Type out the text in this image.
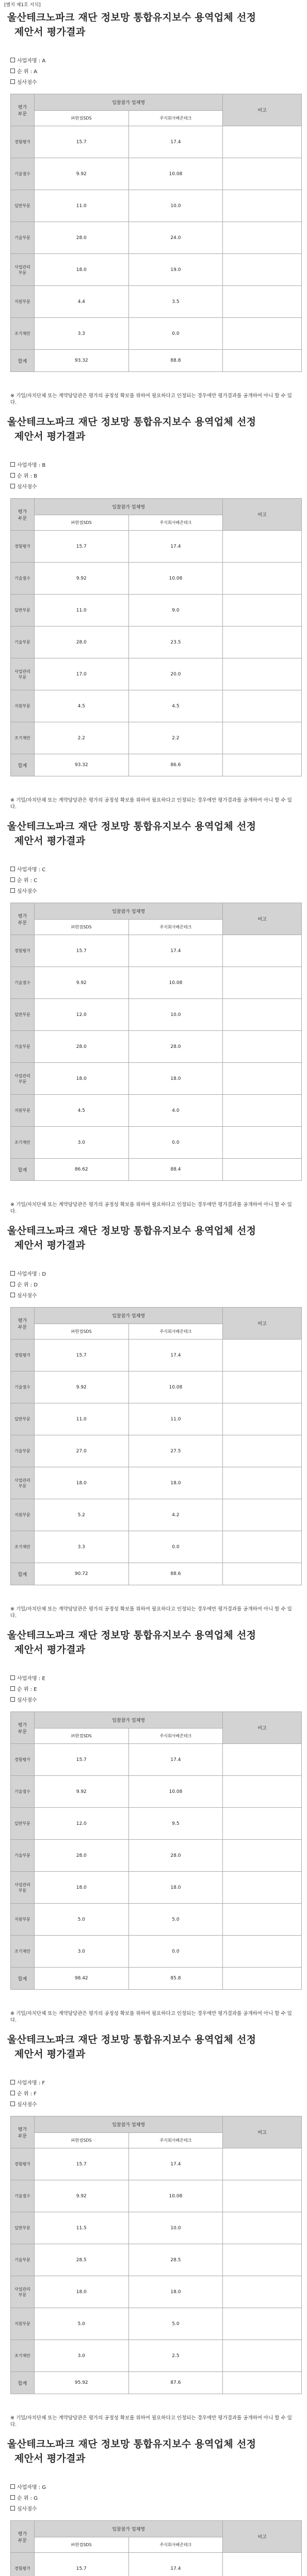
[별지 제1호 서식]
울산테크노파크 재단 정보망 통합유지보수 용역업체 선정

제안서 평가결과
사업자명 : A
순 위 : A
심사점수
평가
부문	입찰참가 업체명		비고
	㈜한컴SDS	주식회사베존테크	
경험평가	15.7	17.4	
기술점수	9.92	10.08	
일반부문	11.0	10.0	
기술부문	28.0	24.0	
사업관리
부문	18.0	19.0	
지원부문	4.4	3.5	
조기제안	3.3	0.0	
합계	93.32	88.8	
※ 기밀/자치단체 또는 계약담당관은 평가의 공정성 확보를 위하여 필요하다고 인정되는 경우에만 평가결과를 공개하여 아니 할 수 있다.
울산테크노파크 재단 정보망 통합유지보수 용역업체 선정

제안서 평가결과
사업자명 : B
순 위 : B
심사점수
평가
부문	입찰참가 업체명		비고
	㈜한컴SDS	주식회사베존테크	
경험평가	15.7	17.4	
기술점수	9.92	10.08	
일반부문	11.0	9.0	
기술부문	28.0	23.5	
사업관리
부문	17.0	20.0	
지원부문	4.5	4.5	
조기제안	2.2	2.2	
합계	93.32	86.6	
※ 기밀/자치단체 또는 계약담당관은 평가의 공정성 확보를 위하여 필요하다고 인정되는 경우에만 평가결과를 공개하여 아니 할 수 있다.
울산테크노파크 재단 정보망 통합유지보수 용역업체 선정

제안서 평가결과
사업자명 : C
순 위 : C
심사점수
평가
부문	입찰참가 업체명		비고
	㈜한컴SDS	주식회사베존테크	
경험평가	15.7	17.4	
기술점수	9.92	10.08	
일반부문	12.0	10.0	
기술부문	28.0	28.0	
사업관리
부문	18.0	18.0	
지원부문	4.5	4.0	
조기제안	3.0	0.0	
합계	86.62	88.4	
※ 기밀/자치단체 또는 계약담당관은 평가의 공정성 확보를 위하여 필요하다고 인정되는 경우에만 평가결과를 공개하여 아니 할 수 있다.
울산테크노파크 재단 정보망 통합유지보수 용역업체 선정

제안서 평가결과
사업자명 : D
순 위 : D
심사점수
평가
부문	입찰참가 업체명		비고
	㈜한컴SDS	주식회사베존테크	
경험평가	15.7	17.4	
기술점수	9.92	10.08	
일반부문	11.0	11.0	
기술부문	27.0	27.5	
사업관리
부문	18.0	18.0	
지원부문	5.2	4.2	
조기제안	3.3	0.0	
합계	90.72	88.6	
※ 기밀/자치단체 또는 계약담당관은 평가의 공정성 확보를 위하여 필요하다고 인정되는 경우에만 평가결과를 공개하여 아니 할 수 있다.
울산테크노파크 재단 정보망 통합유지보수 용역업체 선정

제안서 평가결과
사업자명 : E
순 위 : E
심사점수
평가
부문	입찰참가 업체명		비고
	㈜한컴SDS	주식회사베존테크	
경험평가	15.7	17.4	
기술점수	9.92	10.08	
일반부문	12.0	9.5	
기술부문	28.0	28.0	
사업관리
부문	18.0	18.0	
지원부문	5.0	5.0	
조기제안	3.0	0.0	
합계	98.42	85.8	
※ 기밀/자치단체 또는 계약담당관은 평가의 공정성 확보를 위하여 필요하다고 인정되는 경우에만 평가결과를 공개하여 아니 할 수 있다.
울산테크노파크 재단 정보망 통합유지보수 용역업체 선정

제안서 평가결과
사업자명 : F
순 위 : F
심사점수
평가
부문	입찰참가 업체명		비고
	㈜한컴SDS	주식회사베존테크	
경험평가	15.7	17.4	
기술점수	9.92	10.08	
일반부문	11.5	10.0	
기술부문	28.5	28.5	
사업관리
부문	18.0	18.0	
지원부문	5.0	5.0	
조기제안	3.0	2.5	
합계	95.92	87.6	
※ 기밀/자치단체 또는 계약담당관은 평가의 공정성 확보를 위하여 필요하다고 인정되는 경우에만 평가결과를 공개하여 아니 할 수 있다.
울산테크노파크 재단 정보망 통합유지보수 용역업체 선정

제안서 평가결과
사업자명 : G
순 위 : G
심사점수
평가
부문	입찰참가 업체명		비고
	㈜한컴SDS	주식회사베존테크	
경험평가	15.7	17.4	
